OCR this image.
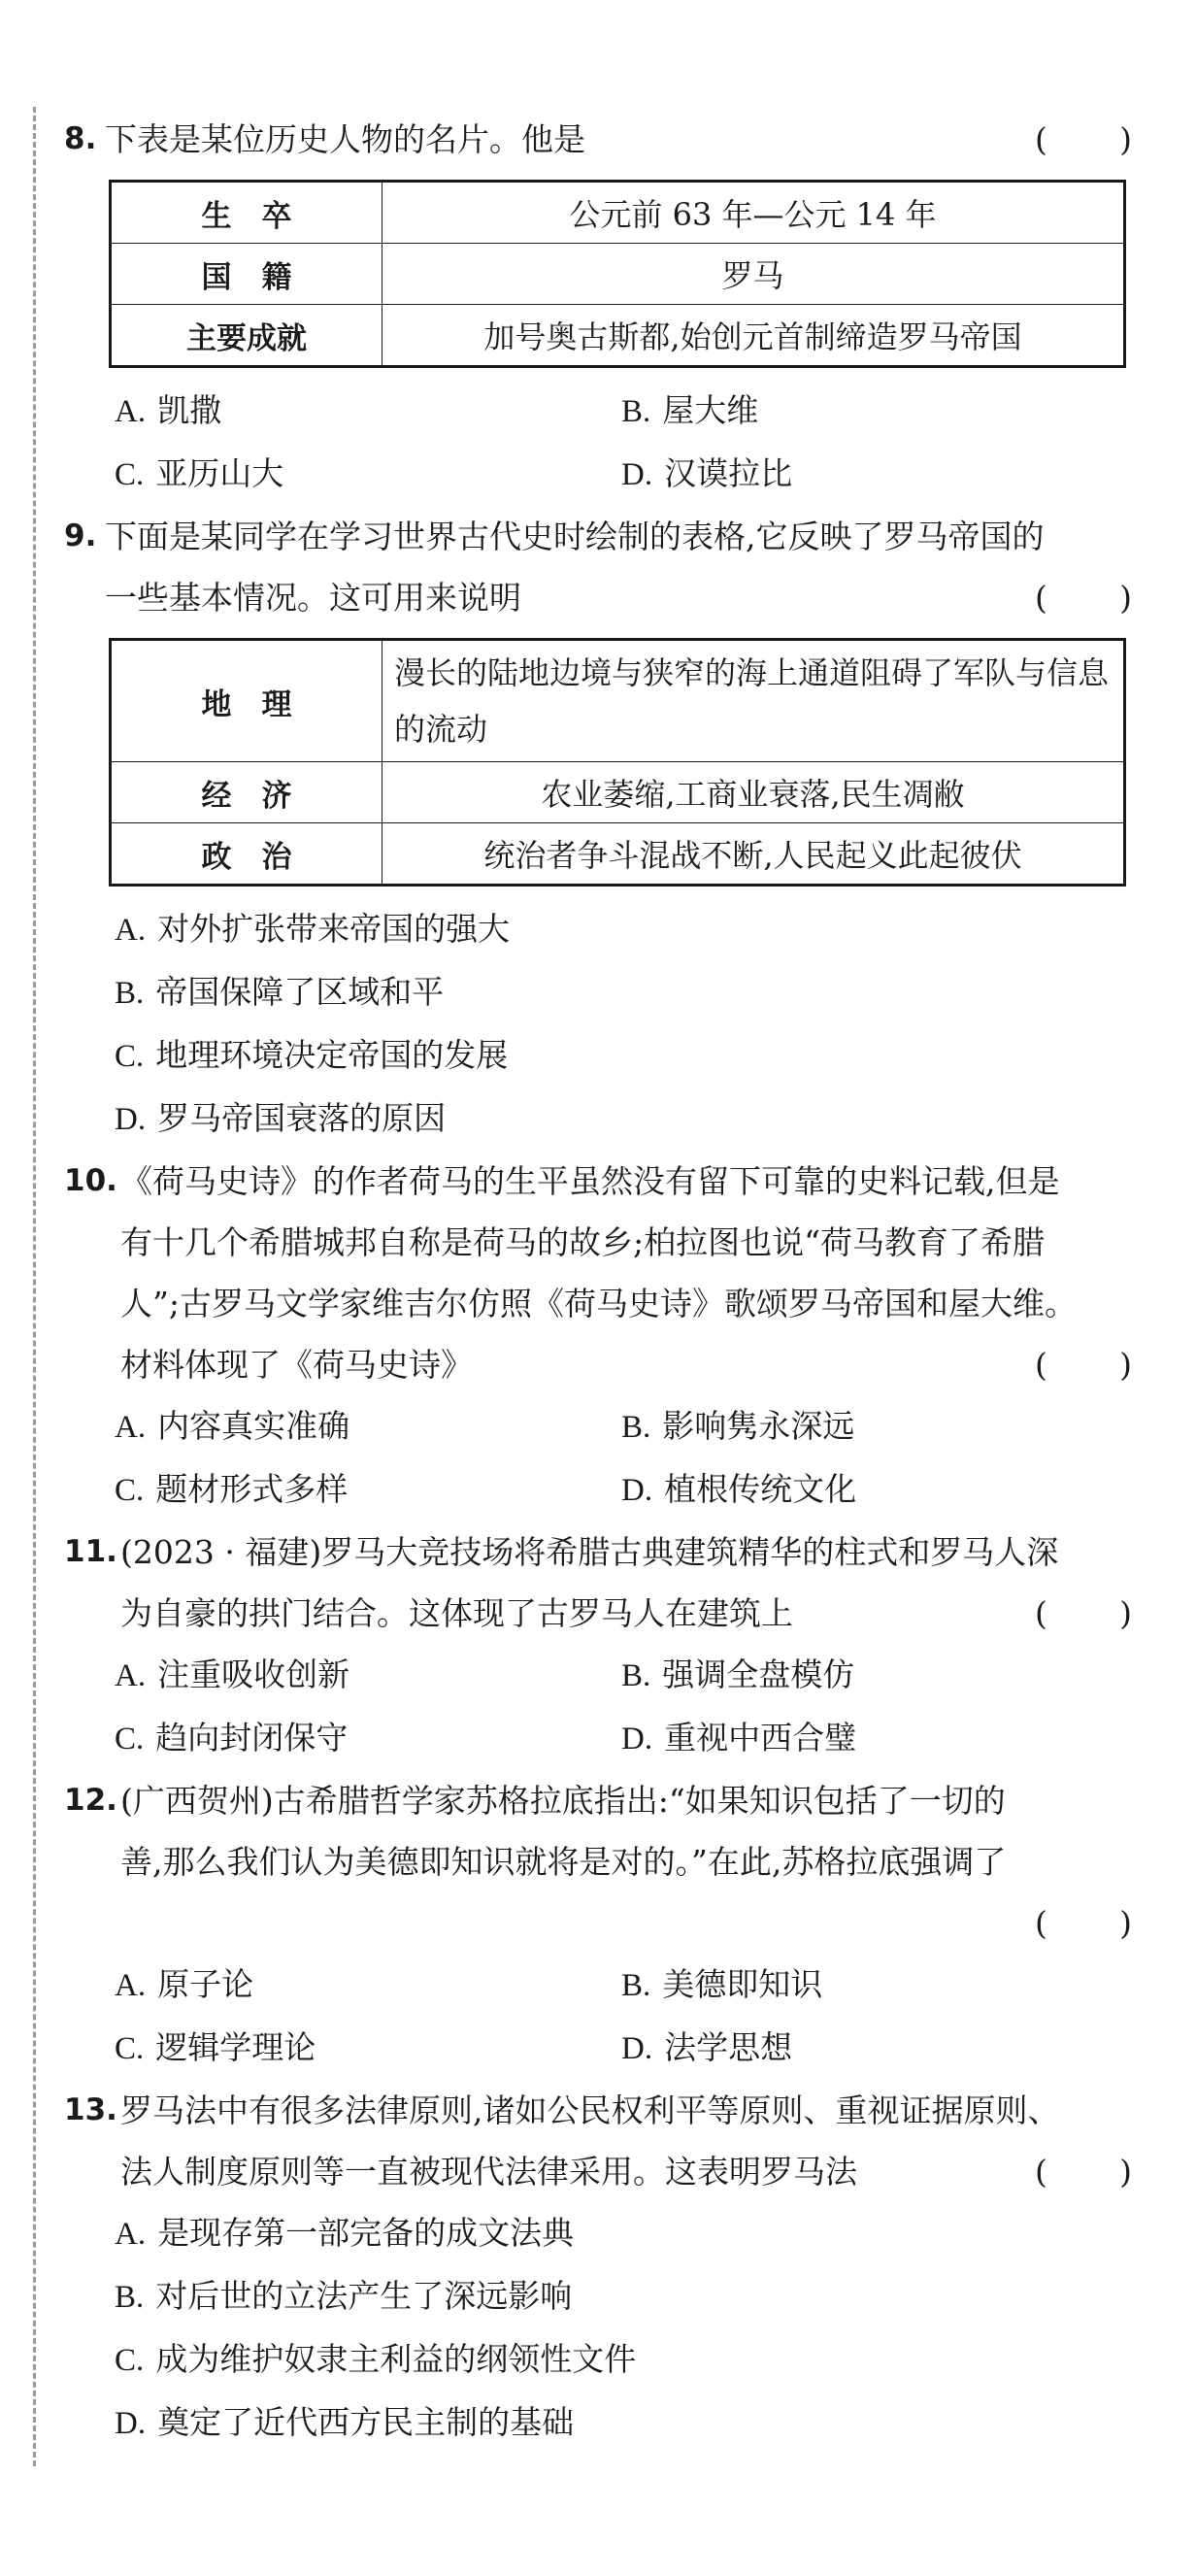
8. 下表是某位历史人物的名片。他是	( )
生　卒	公元前 63 年—公元 14 年
国　籍	罗马
主要成就	加号奥古斯都,始创元首制缔造罗马帝国
A. 凯撒	B. 屋大维
C. 亚历山大	D. 汉谟拉比
9. 下面是某同学在学习世界古代史时绘制的表格,它反映了罗马帝国的
一些基本情况。这可用来说明	( )
地　理	漫长的陆地边境与狭窄的海上通道阻碍了军队与信息的流动
经　济	农业萎缩,工商业衰落,民生凋敝
政　治	统治者争斗混战不断,人民起义此起彼伏
A. 对外扩张带来帝国的强大
B. 帝国保障了区域和平
C. 地理环境决定帝国的发展
D. 罗马帝国衰落的原因
10. 《荷马史诗》的作者荷马的生平虽然没有留下可靠的史料记载,但是
有十几个希腊城邦自称是荷马的故乡;柏拉图也说“荷马教育了希腊
人”;古罗马文学家维吉尔仿照《荷马史诗》歌颂罗马帝国和屋大维。
材料体现了《荷马史诗》	( )
A. 内容真实准确	B. 影响隽永深远
C. 题材形式多样	D. 植根传统文化
11. (2023 · 福建)罗马大竞技场将希腊古典建筑精华的柱式和罗马人深
为自豪的拱门结合。这体现了古罗马人在建筑上	( )
A. 注重吸收创新	B. 强调全盘模仿
C. 趋向封闭保守	D. 重视中西合璧
12. (广西贺州)古希腊哲学家苏格拉底指出:“如果知识包括了一切的
善,那么我们认为美德即知识就将是对的。”在此,苏格拉底强调了
( )
A. 原子论	B. 美德即知识
C. 逻辑学理论	D. 法学思想
13. 罗马法中有很多法律原则,诸如公民权利平等原则、重视证据原则、
法人制度原则等一直被现代法律采用。这表明罗马法	( )
A. 是现存第一部完备的成文法典
B. 对后世的立法产生了深远影响
C. 成为维护奴隶主利益的纲领性文件
D. 奠定了近代西方民主制的基础
